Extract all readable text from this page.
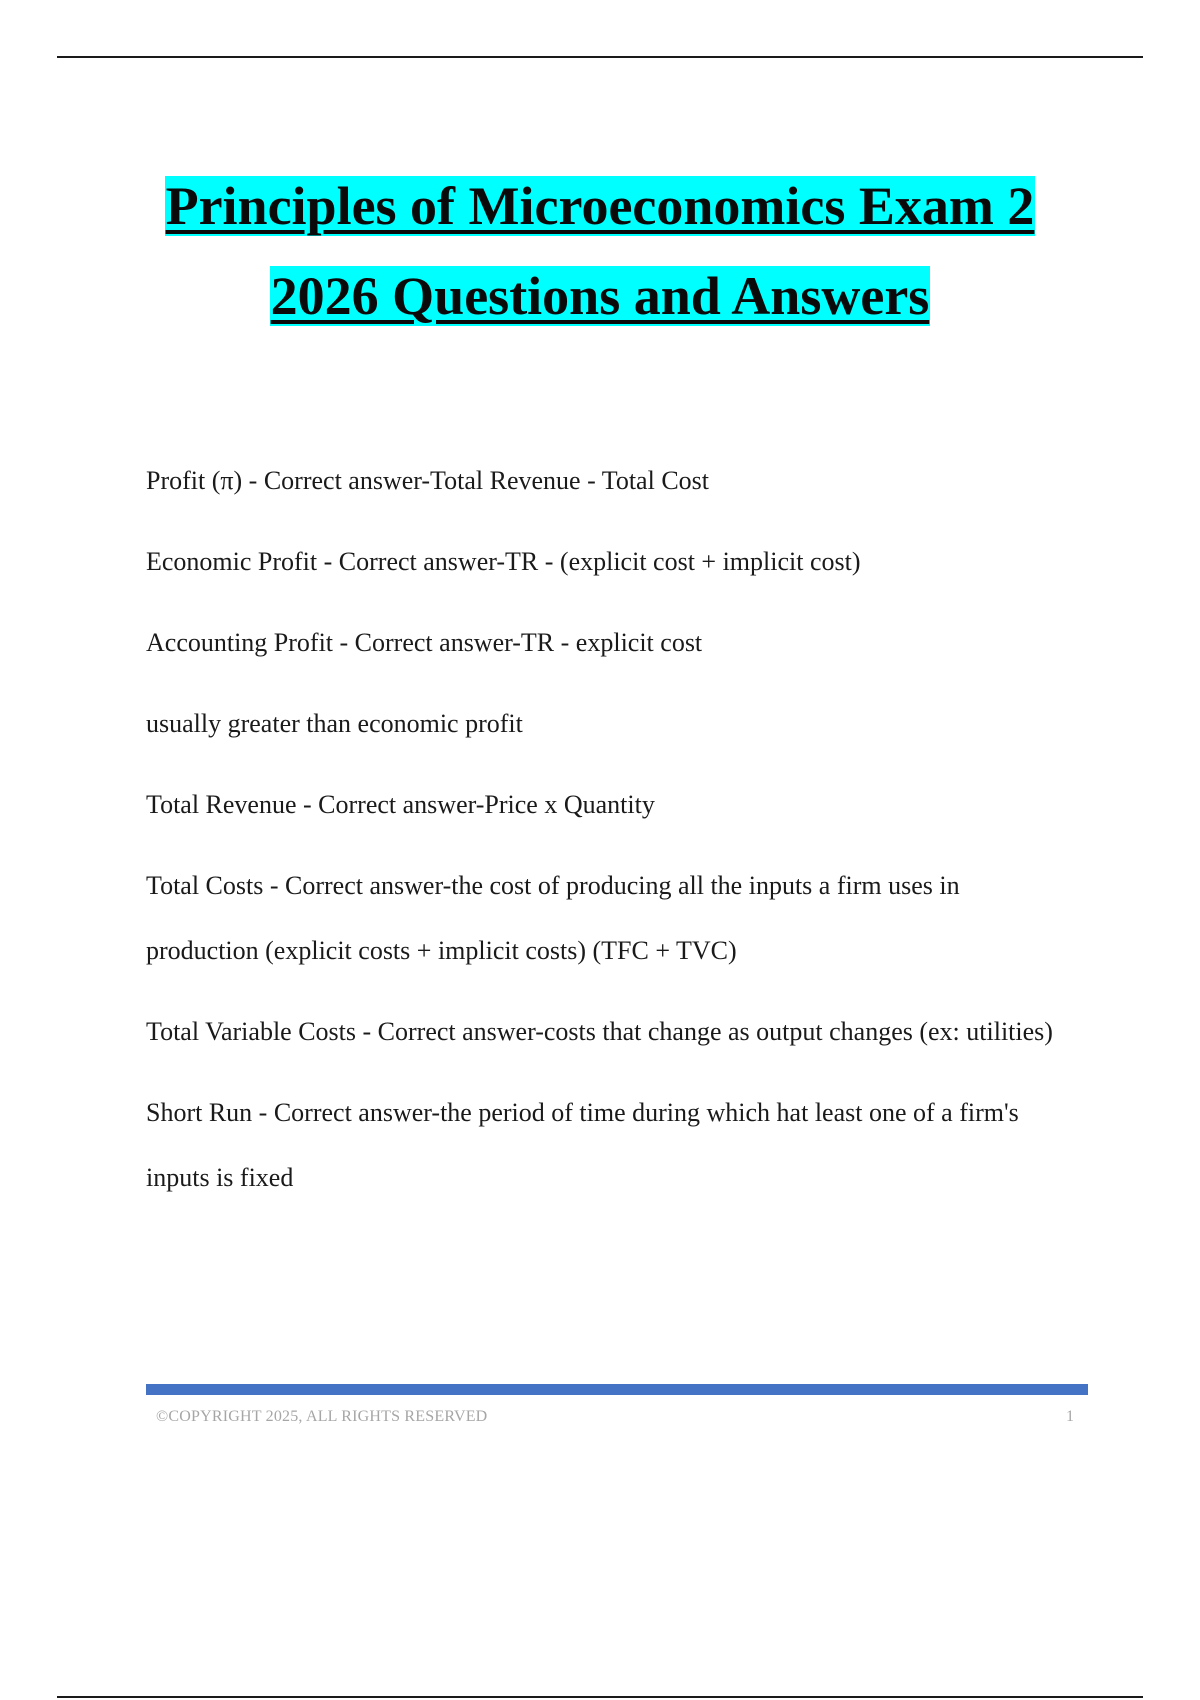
Principles of Microeconomics Exam 2
2026 Questions and Answers

Profit (π) - Correct answer-Total Revenue - Total Cost

Economic Profit - Correct answer-TR - (explicit cost + implicit cost)

Accounting Profit - Correct answer-TR - explicit cost

usually greater than economic profit

Total Revenue - Correct answer-Price x Quantity

Total Costs - Correct answer-the cost of producing all the inputs a firm uses in production (explicit costs + implicit costs) (TFC + TVC)

Total Variable Costs - Correct answer-costs that change as output changes (ex: utilities)

Short Run - Correct answer-the period of time during which hat least one of a firm's inputs is fixed

©COPYRIGHT 2025, ALL RIGHTS RESERVED	1
